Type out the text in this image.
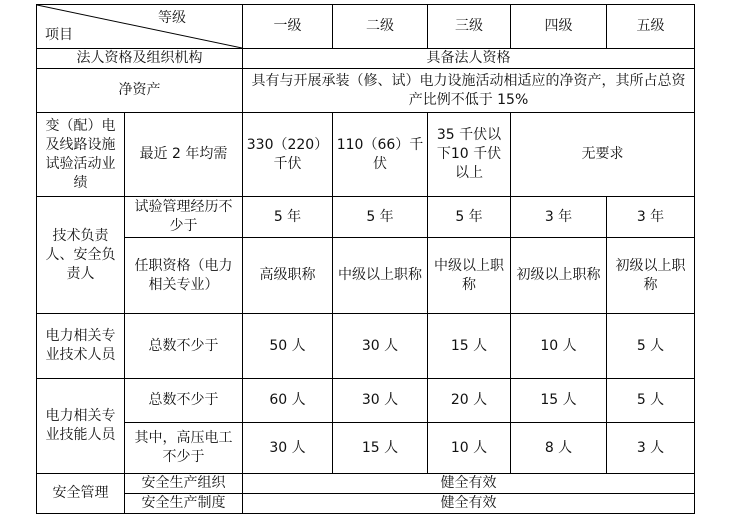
等级
项目		一级	二级	三级	四级	五级
法人资格及组织机构		具备法人资格				
净资产		具有与开展承装（修、试）电力设施活动相适应的净资产，其所占总资产比例不低于 15%				
变（配）电及线路设施试验活动业绩	最近 2 年均需	330（220）千伏	110（66）千伏	35 千伏以下10 千伏以上	无要求	
技术负责人、安全负责人	试验管理经历不少于	5 年	5 年	5 年	3 年	3 年
	任职资格（电力相关专业）	高级职称	中级以上职称	中级以上职称	初级以上职称	初级以上职称
电力相关专业技术人员	总数不少于	50 人	30 人	15 人	10 人	5 人
电力相关专业技能人员	总数不少于	60 人	30 人	20 人	15 人	5 人
	其中，高压电工不少于	30 人	15 人	10 人	8 人	3 人
安全管理	安全生产组织	健全有效				
	安全生产制度	健全有效				
